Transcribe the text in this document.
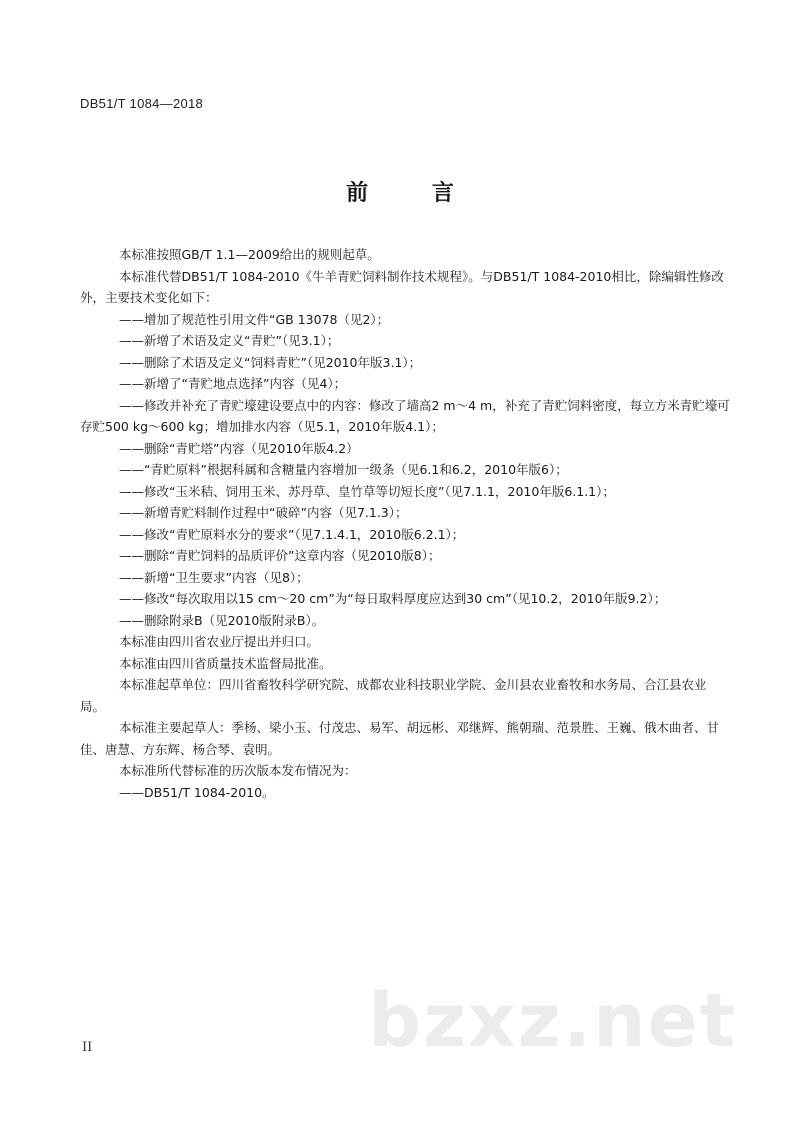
DB51/T 1084—2018
前 言

本标准按照GB/T 1.1—2009给出的规则起草。

本标准代替DB51/T 1084-2010《牛羊青贮饲料制作技术规程》。与DB51/T 1084-2010相比，除编辑性修改外，主要技术变化如下：

——增加了规范性引用文件“GB 13078（见2）；

——新增了术语及定义“青贮”（见3.1）；

——删除了术语及定义“饲料青贮”（见2010年版3.1）；

——新增了“青贮地点选择”内容（见4）；

——修改并补充了青贮壕建设要点中的内容：修改了墙高2 m～4 m，补充了青贮饲料密度，每立方米青贮壕可存贮500 kg～600 kg；增加排水内容（见5.1，2010年版4.1）；

——删除“青贮塔”内容（见2010年版4.2）

——“青贮原料”根据科属和含糖量内容增加一级条（见6.1和6.2，2010年版6）；

——修改“玉米秸、饲用玉米、苏丹草、皇竹草等切短长度”（见7.1.1，2010年版6.1.1）；

——新增青贮料制作过程中“破碎”内容（见7.1.3）；

——修改“青贮原料水分的要求”（见7.1.4.1，2010版6.2.1）；

——删除“青贮饲料的品质评价”这章内容（见2010版8）；

——新增“卫生要求”内容（见8）；

——修改“每次取用以15 cm～20 cm”为“每日取料厚度应达到30 cm”（见10.2，2010年版9.2）；

——删除附录B（见2010版附录B）。

本标准由四川省农业厅提出并归口。

本标准由四川省质量技术监督局批准。

本标准起草单位：四川省畜牧科学研究院、成都农业科技职业学院、金川县农业畜牧和水务局、合江县农业局。

本标准主要起草人：季杨、梁小玉、付茂忠、易军、胡远彬、邓继辉、熊朝瑞、范景胜、王巍、俄木曲者、甘佳、唐慧、方东辉、杨合琴、袁明。

本标准所代替标准的历次版本发布情况为：

——DB51/T 1084-2010。

II	bzxz.net
